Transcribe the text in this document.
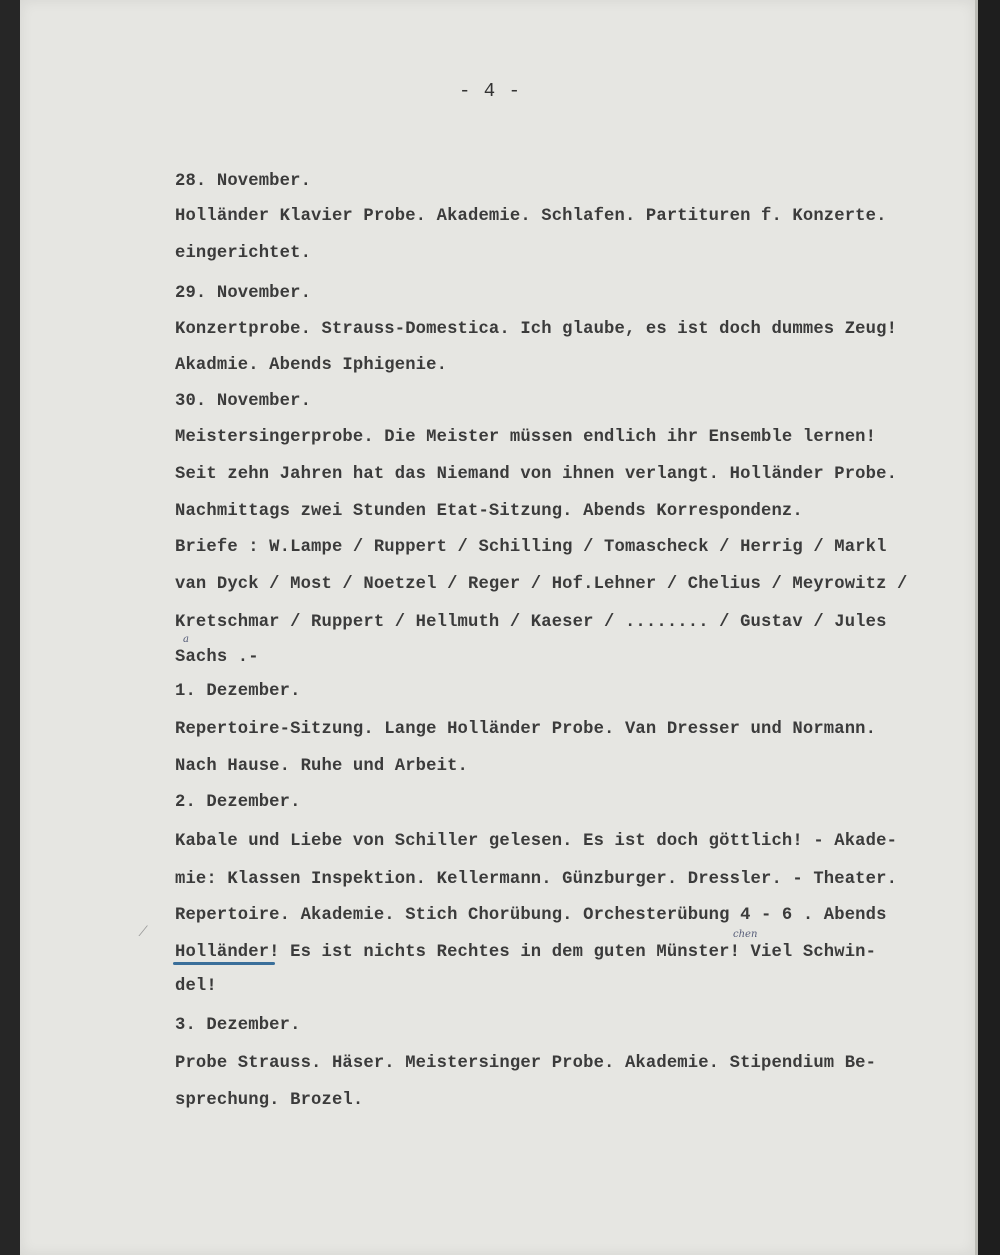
- 4 -
28. November.
Holländer Klavier Probe. Akademie. Schlafen. Partituren f. Konzerte.
eingerichtet.
29. November.
Konzertprobe. Strauss-Domestica. Ich glaube, es ist doch dummes Zeug!
Akadmie. Abends Iphigenie.
30. November.
Meistersingerprobe. Die Meister müssen endlich ihr Ensemble lernen!
Seit zehn Jahren hat das Niemand von ihnen verlangt. Holländer Probe.
Nachmittags zwei Stunden Etat-Sitzung. Abends Korrespondenz.
Briefe : W.Lampe / Ruppert / Schilling / Tomascheck / Herrig / Markl
van Dyck / Most / Noetzel / Reger / Hof.Lehner / Chelius / Meyrowitz /
Kretschmar / Ruppert / Hellmuth / Kaeser / ........ / Gustav / Jules
Sachs .-
a
1. Dezember.
Repertoire-Sitzung. Lange Holländer Probe. Van Dresser und Normann.
Nach Hause. Ruhe und Arbeit.
2. Dezember.
Kabale und Liebe von Schiller gelesen. Es ist doch göttlich! - Akade-
mie: Klassen Inspektion. Kellermann. Günzburger. Dressler. - Theater.
Repertoire. Akademie. Stich Chorübung. Orchesterübung 4 - 6 . Abends
Holländer! Es ist nichts Rechtes in dem guten Münster! Viel Schwin-
chen
del!
3. Dezember.
Probe Strauss. Häser. Meistersinger Probe. Akademie. Stipendium Be-
sprechung. Brozel.
⁄
